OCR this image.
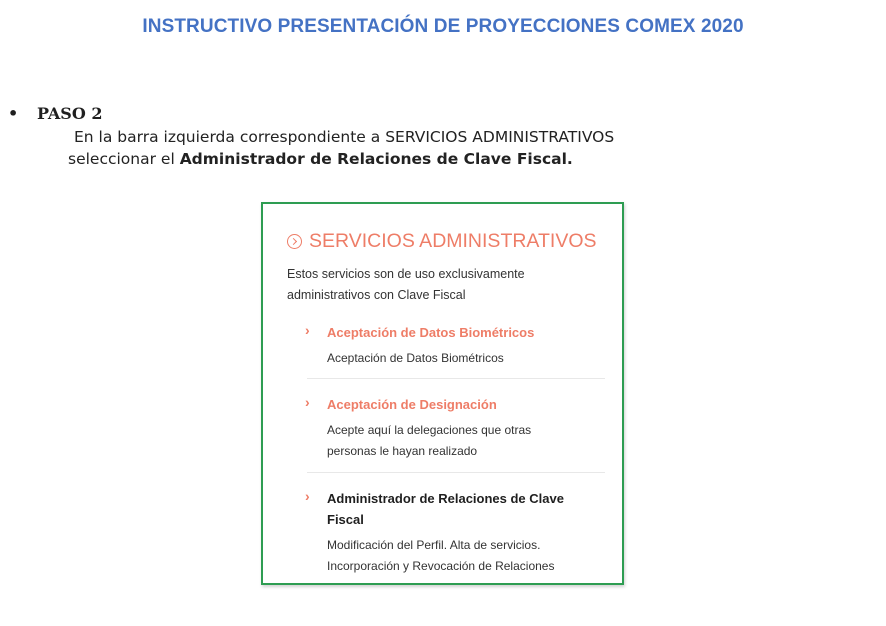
INSTRUCTIVO PRESENTACIÓN DE PROYECCIONES COMEX 2020
• PASO 2
En la barra izquierda correspondiente a SERVICIOS ADMINISTRATIVOS
seleccionar el Administrador de Relaciones de Clave Fiscal.
SERVICIOS ADMINISTRATIVOS
Estos servicios son de uso exclusivamente
administrativos con Clave Fiscal
›	Aceptación de Datos Biométricos
Aceptación de Datos Biométricos
›	Aceptación de Designación
Acepte aquí la delegaciones que otras
personas le hayan realizado
› Administrador de Relaciones de Clave
Fiscal
Modificación del Perfil. Alta de servicios.
Incorporación y Revocación de Relaciones
